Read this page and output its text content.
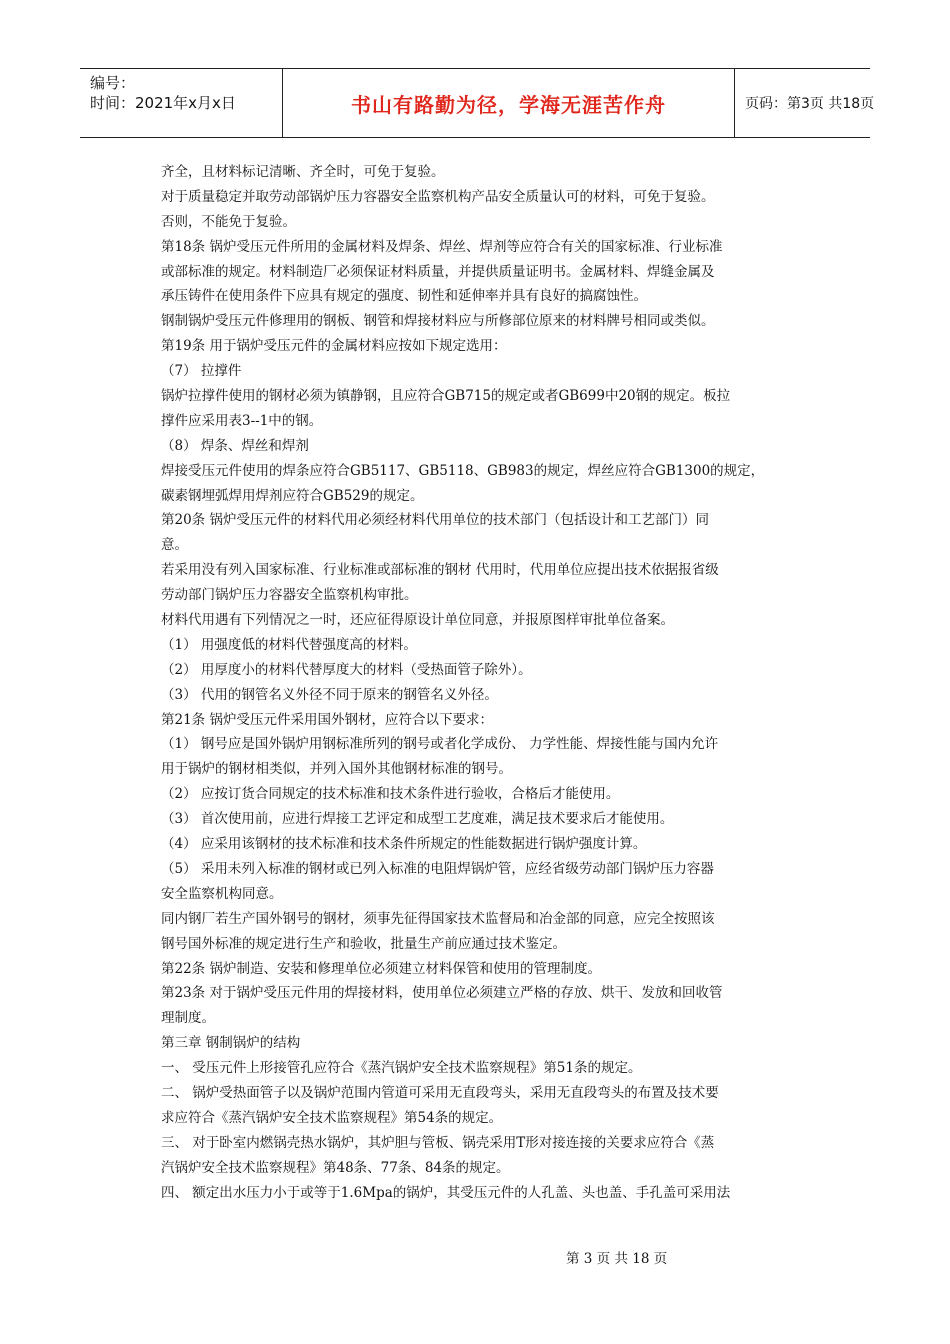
编号：
时间：2021年x月x日	书山有路勤为径，学海无涯苦作舟	页码：第3页 共18页
齐全，且材料标记清晰、齐全时，可免于复验。
对于质量稳定并取劳动部锅炉压力容器安全监察机构产品安全质量认可的材料，可免于复验。
否则，不能免于复验。
第18条 锅炉受压元件所用的金属材料及焊条、焊丝、焊剂等应符合有关的国家标准、行业标准
或部标准的规定。材料制造厂必须保证材料质量，并提供质量证明书。金属材料、焊缝金属及
承压铸件在使用条件下应具有规定的强度、韧性和延伸率并具有良好的搞腐蚀性。
钢制锅炉受压元件修理用的钢板、钢管和焊接材料应与所修部位原来的材料牌号相同或类似。
第19条 用于锅炉受压元件的金属材料应按如下规定选用：
（7） 拉撑件
锅炉拉撑件使用的钢材必须为镇静钢，且应符合GB715的规定或者GB699中20钢的规定。板拉
撑件应采用表3--1中的钢。
（8） 焊条、焊丝和焊剂
焊接受压元件使用的焊条应符合GB5117、GB5118、GB983的规定，焊丝应符合GB1300的规定，
碳素钢埋弧焊用焊剂应符合GB529的规定。
第20条 锅炉受压元件的材料代用必须经材料代用单位的技术部门（包括设计和工艺部门）同
意。
若采用没有列入国家标准、行业标准或部标准的钢材 代用时，代用单位应提出技术依据报省级
劳动部门锅炉压力容器安全监察机构审批。
材料代用遇有下列情况之一时，还应征得原设计单位同意，并报原图样审批单位备案。
（1） 用强度低的材料代替强度高的材料。
（2） 用厚度小的材料代替厚度大的材料（受热面管子除外）。
（3） 代用的钢管名义外径不同于原来的钢管名义外径。
第21条 锅炉受压元件采用国外钢材，应符合以下要求：
（1） 钢号应是国外锅炉用钢标准所列的钢号或者化学成份、 力学性能、焊接性能与国内允许
用于锅炉的钢材相类似，并列入国外其他钢材标准的钢号。
（2） 应按订货合同规定的技术标准和技术条件进行验收，合格后才能使用。
（3） 首次使用前，应进行焊接工艺评定和成型工艺度难，满足技术要求后才能使用。
（4） 应采用该钢材的技术标准和技术条件所规定的性能数据进行锅炉强度计算。
（5） 采用未列入标准的钢材或已列入标准的电阻焊锅炉管，应经省级劳动部门锅炉压力容器
安全监察机构同意。
同内钢厂若生产国外钢号的钢材，须事先征得国家技术监督局和冶金部的同意，应完全按照该
钢号国外标准的规定进行生产和验收，批量生产前应通过技术鉴定。
第22条 锅炉制造、安装和修理单位必须建立材料保管和使用的管理制度。
第23条 对于锅炉受压元件用的焊接材料，使用单位必须建立严格的存放、烘干、发放和回收管
理制度。
第三章 钢制锅炉的结构
一、 受压元件上形接管孔应符合《蒸汽锅炉安全技术监察规程》第51条的规定。
二、 锅炉受热面管子以及锅炉范围内管道可采用无直段弯头，采用无直段弯头的布置及技术要
求应符合《蒸汽锅炉安全技术监察规程》第54条的规定。
三、 对于卧室内燃锅壳热水锅炉，其炉胆与管板、锅壳采用T形对接连接的关要求应符合《蒸
汽锅炉安全技术监察规程》第48条、77条、84条的规定。
四、 额定出水压力小于或等于1.6Mpa的锅炉，其受压元件的人孔盖、头也盖、手孔盖可采用法
第 3 页 共 18 页
